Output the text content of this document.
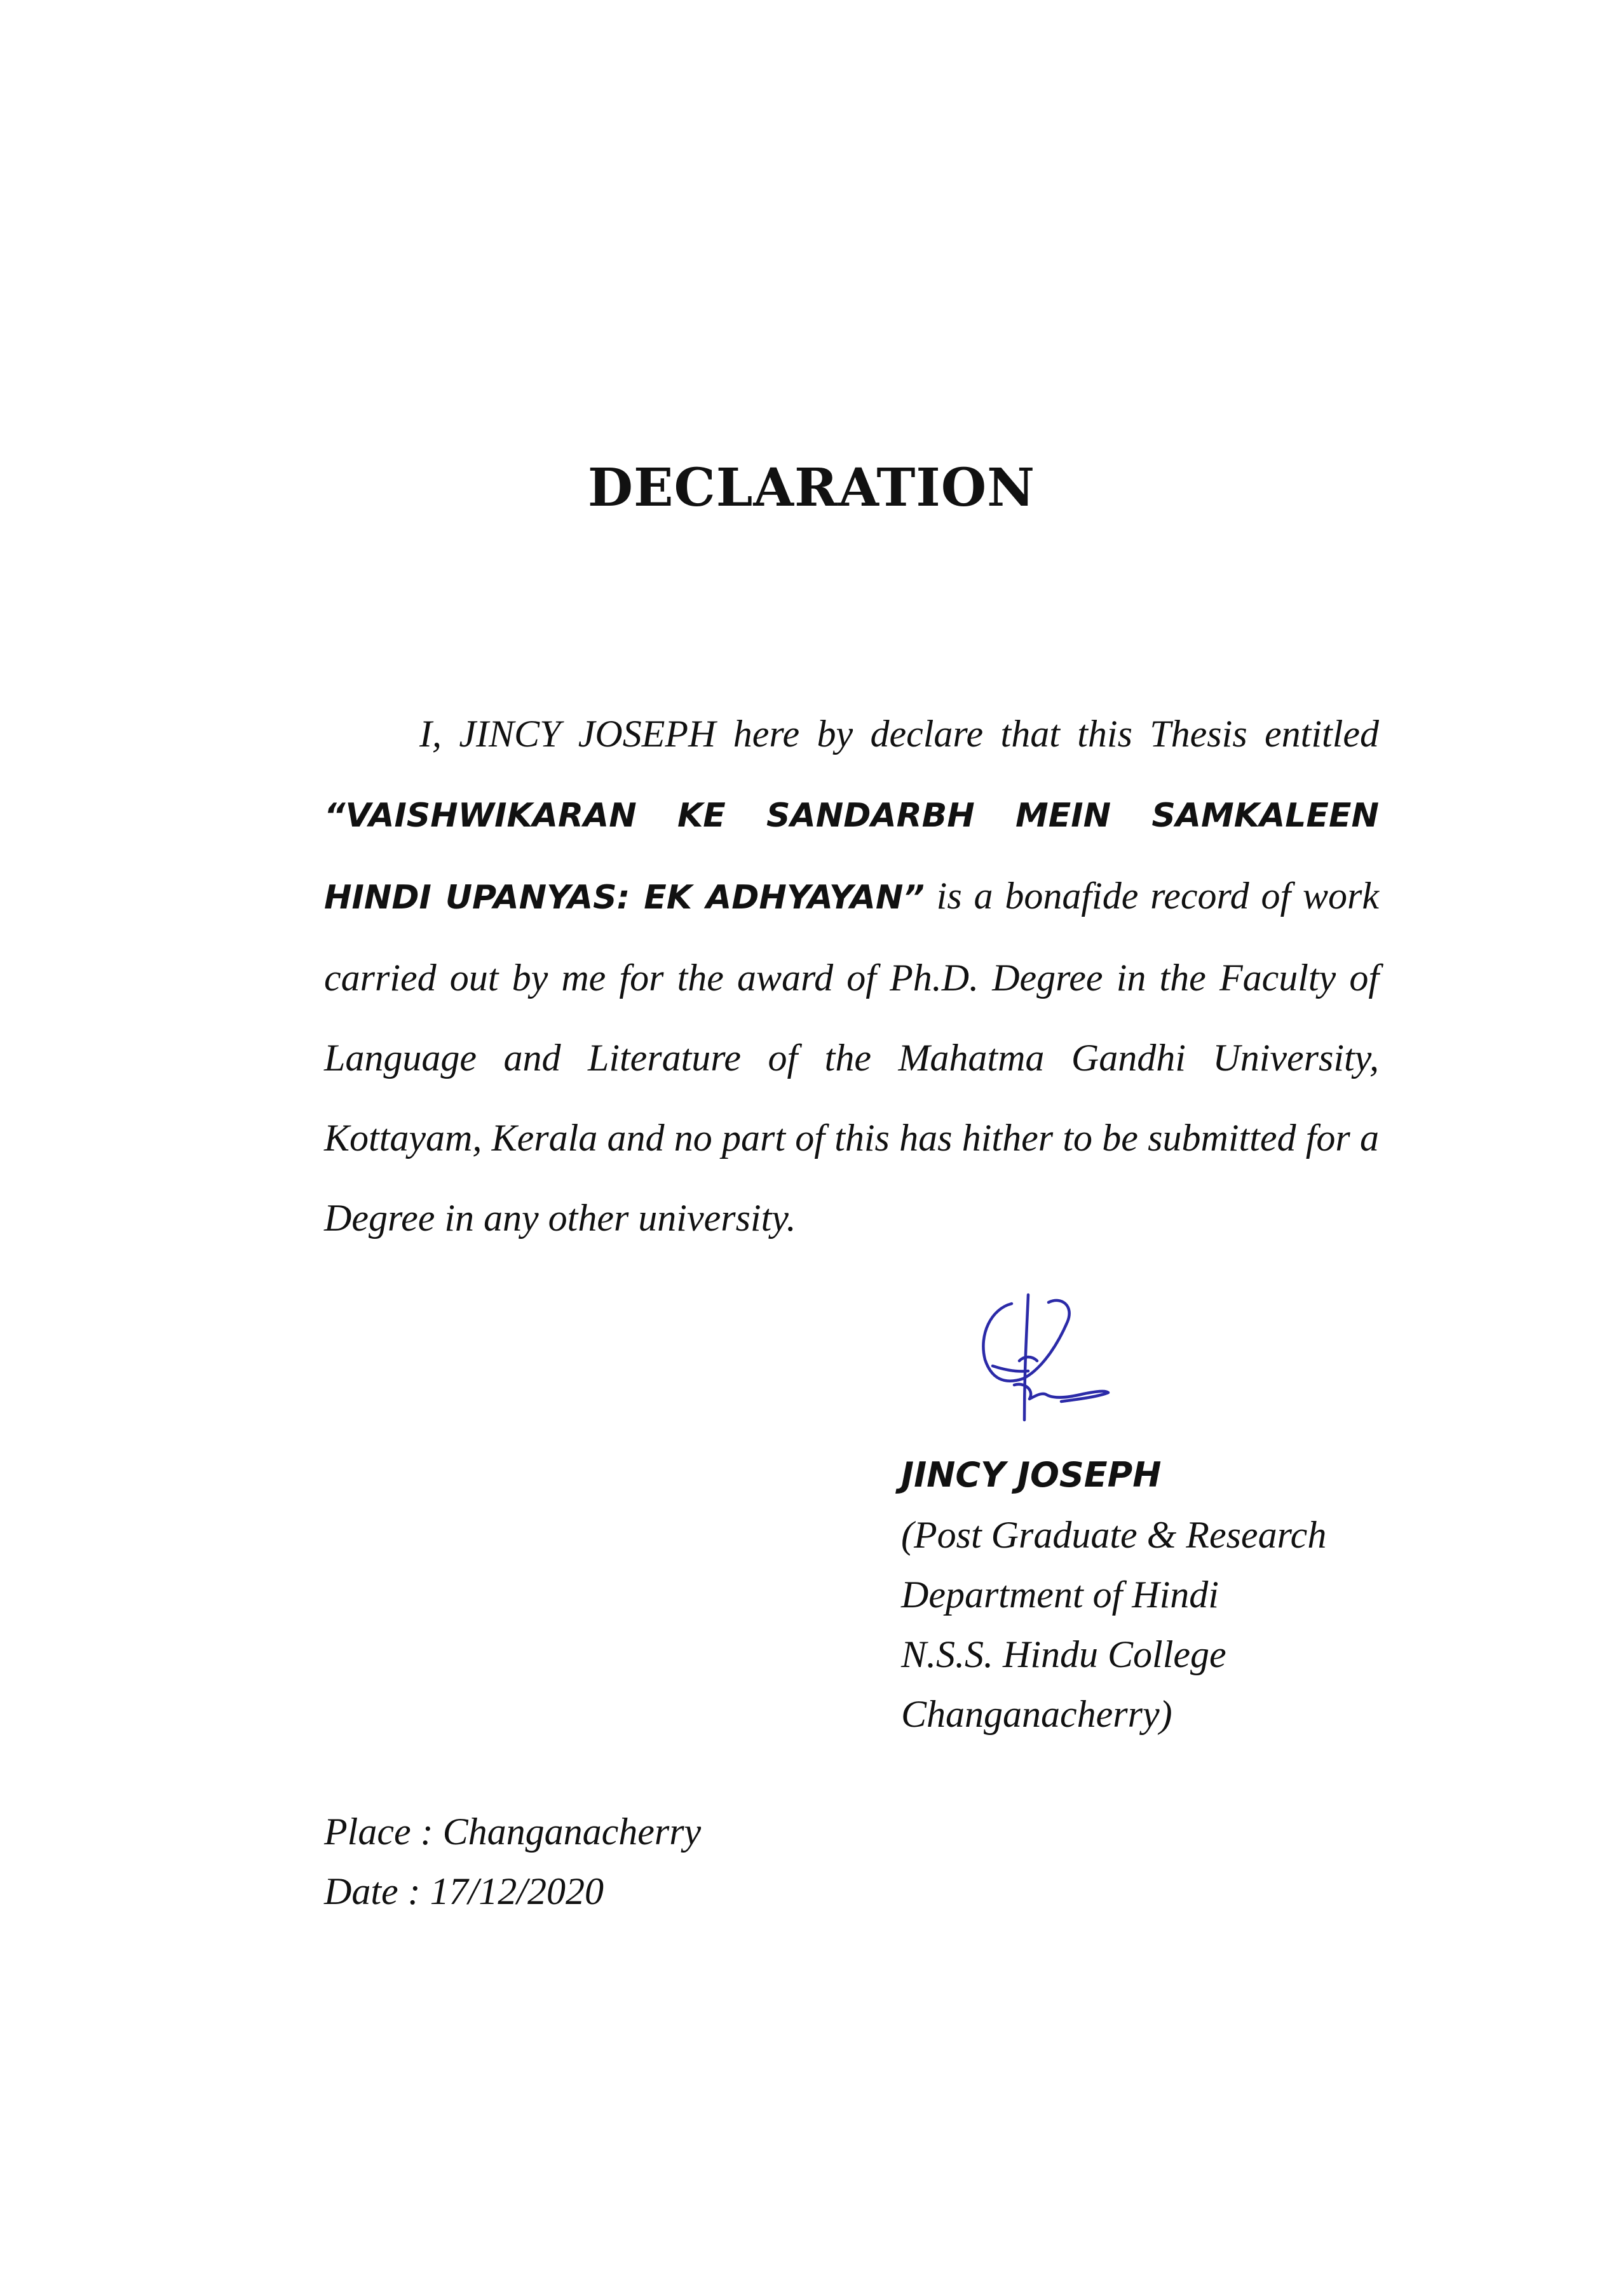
DECLARATION

I, JINCY JOSEPH here by declare that this Thesis entitled “VAISHWIKARAN KE SANDARBH MEIN SAMKALEEN HINDI UPANYAS: EK ADHYAYAN” is a bonafide record of work carried out by me for the award of Ph.D. Degree in the Faculty of Language and Literature of the Mahatma Gandhi University, Kottayam, Kerala and no part of this has hither to be submitted for a Degree in any other university.

JINCY JOSEPH
(Post Graduate & Research
Department of Hindi
N.S.S. Hindu College
Changanacherry)
Place : Changanacherry
Date : 17/12/2020
